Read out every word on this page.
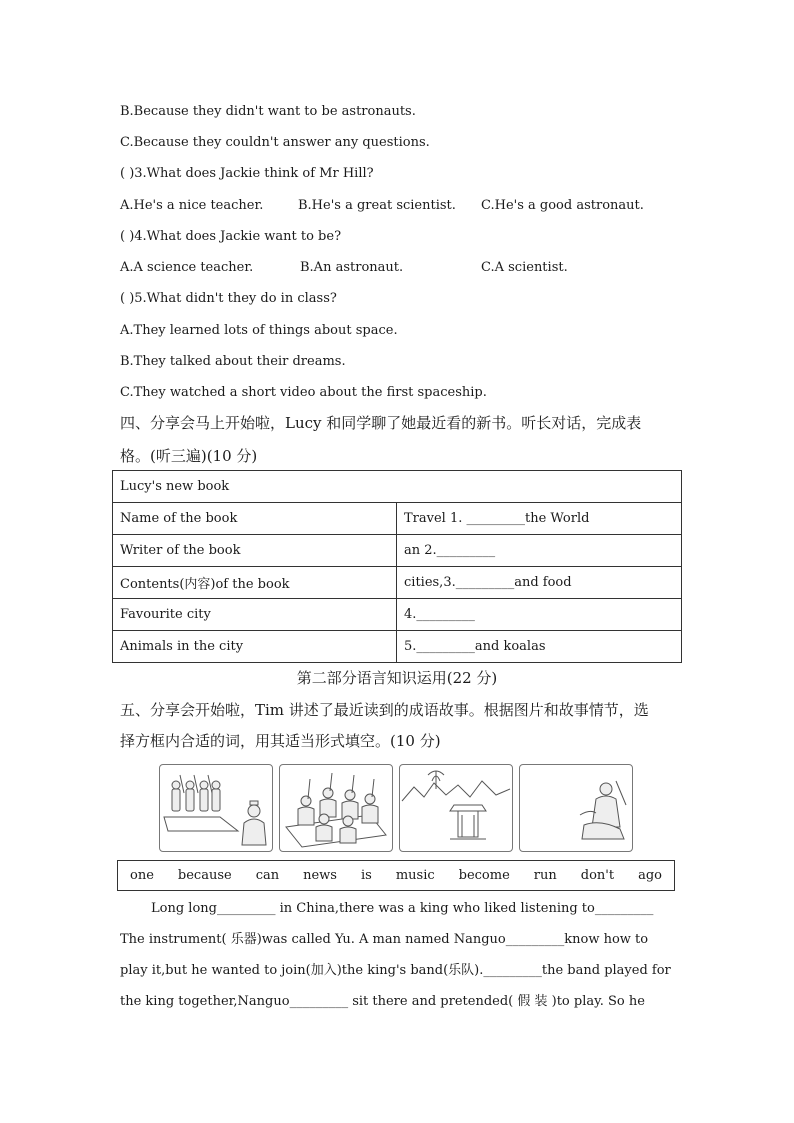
B.Because they didn't want to be astronauts.
C.Because they couldn't answer any questions.
( )3.What does Jackie think of Mr Hill?
A.He's a nice teacher.	B.He's a great scientist. C.He's a good astronaut.
( )4.What does Jackie want to be?
A.A science teacher.	B.An astronaut.	C.A scientist.
( )5.What didn't they do in class?
A.They learned lots of things about space.
B.They talked about their dreams.
C.They watched a short video about the first spaceship.
四、分享会马上开始啦，Lucy 和同学聊了她最近看的新书。听长对话，完成表
格。(听三遍)(10 分)
Lucy's new book	
Name of the book	Travel 1. _________the World
Writer of the book	an 2._________
Contents(内容)of the book	cities,3._________and food
Favourite city	4._________
Animals in the city	5._________and koalas
第二部分语言知识运用(22 分)
五、分享会开始啦，Tim 讲述了最近读到的成语故事。根据图片和故事情节，选
择方框内合适的词，用其适当形式填空。(10 分)
one because can news is music become run don't ago
Long long_________ in China,there was a king who liked listening to_________
The instrument( 乐器)was called Yu. A man named Nanguo_________know how to
play it,but he wanted to join(加入)the king's band(乐队)._________the band played for
the king together,Nanguo_________ sit there and pretended( 假 装 )to play. So he
